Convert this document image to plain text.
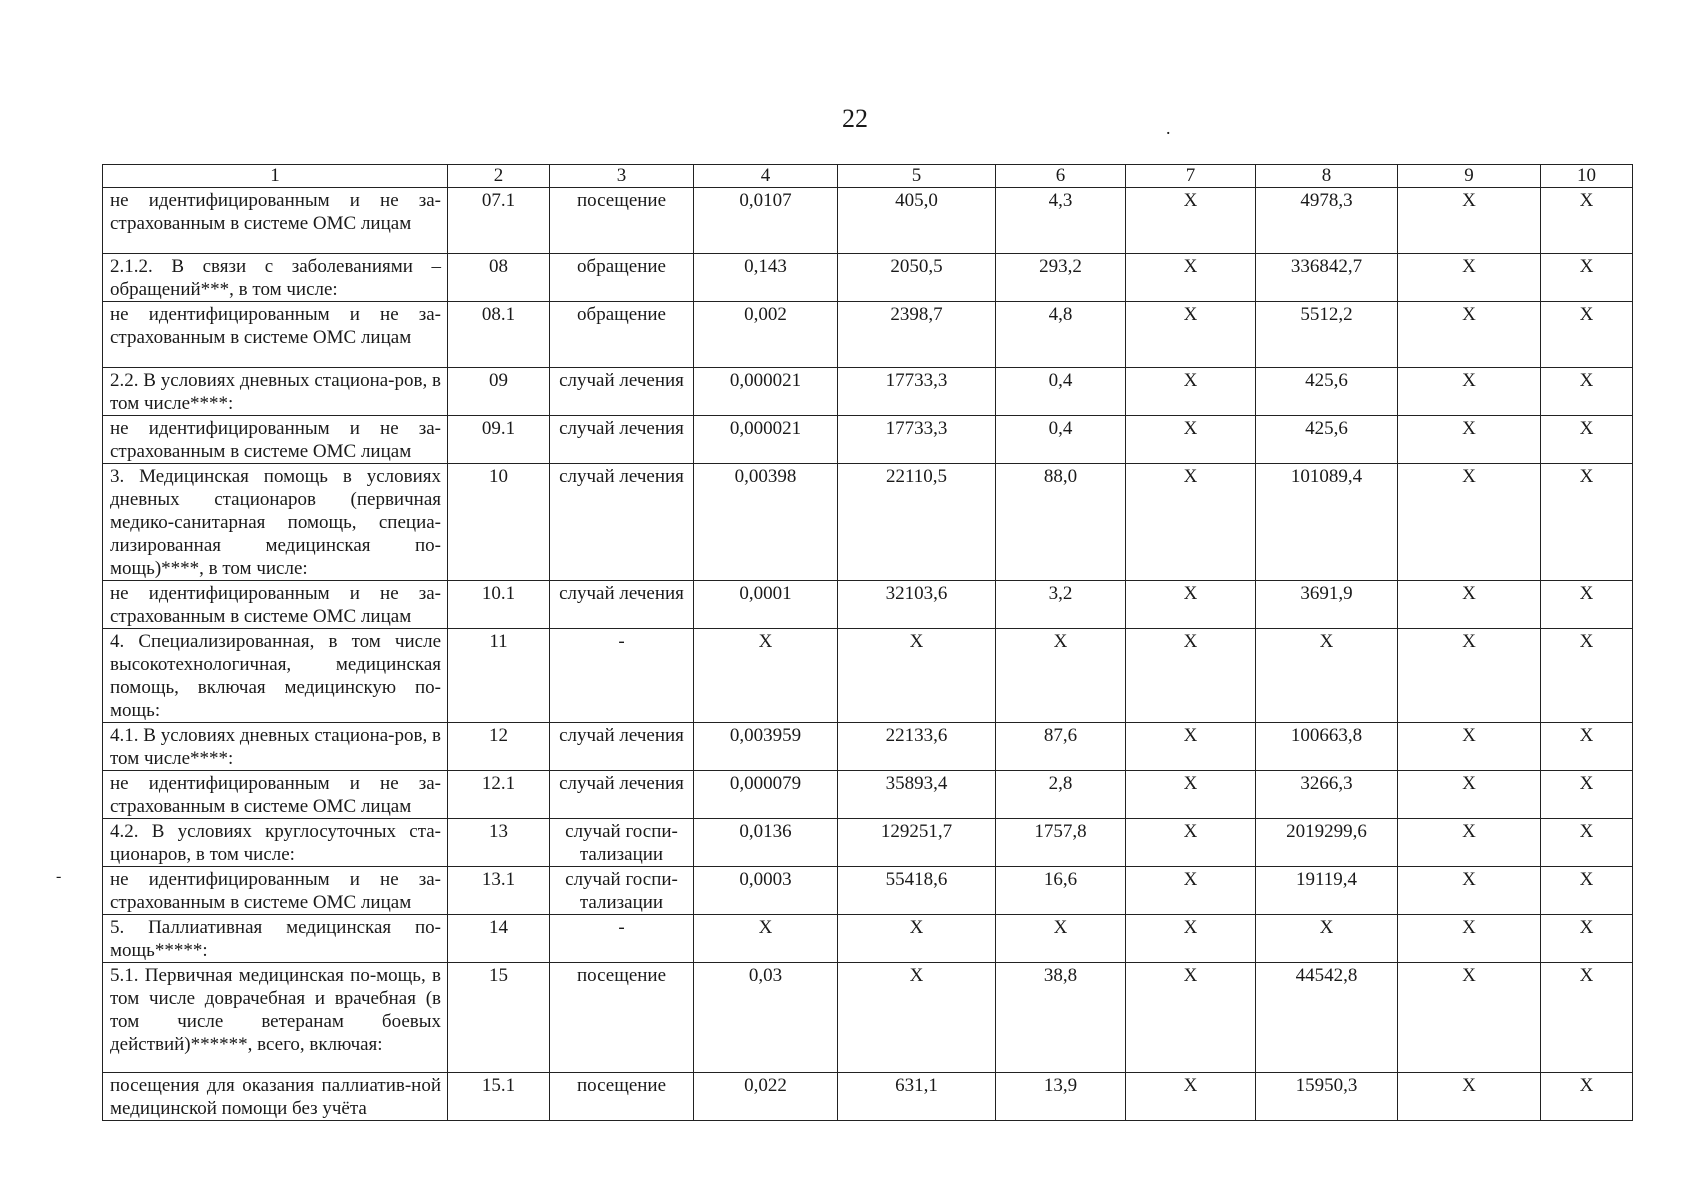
22	.
-
1	2	3	4	5	6	7	8	9	10
не идентифицированным и не за-страхованным в системе ОМС лицам	07.1	посещение	0,0107	405,0	4,3	X	4978,3	X	X
2.1.2. В связи с заболеваниями – обращений***, в том числе:	08	обращение	0,143	2050,5	293,2	X	336842,7	X	X
не идентифицированным и не за-страхованным в системе ОМС лицам	08.1	обращение	0,002	2398,7	4,8	X	5512,2	X	X
2.2. В условиях дневных стациона-ров, в том числе****:	09	случай лечения	0,000021	17733,3	0,4	X	425,6	X	X
не идентифицированным и не за-страхованным в системе ОМС лицам	09.1	случай лечения	0,000021	17733,3	0,4	X	425,6	X	X
3. Медицинская помощь в условиях дневных стационаров (первичная медико-санитарная помощь, специа-лизированная медицинская по-мощь)****, в том числе:	10	случай лечения	0,00398	22110,5	88,0	X	101089,4	X	X
не идентифицированным и не за-страхованным в системе ОМС лицам	10.1	случай лечения	0,0001	32103,6	3,2	X	3691,9	X	X
4. Специализированная, в том числе высокотехнологичная, медицинская помощь, включая медицинскую по-мощь:	11	-	X	X	X	X	X	X	X
4.1. В условиях дневных стациона-ров, в том числе****:	12	случай лечения	0,003959	22133,6	87,6	X	100663,8	X	X
не идентифицированным и не за-страхованным в системе ОМС лицам	12.1	случай лечения	0,000079	35893,4	2,8	X	3266,3	X	X
4.2. В условиях круглосуточных ста-ционаров, в том числе:	13	случай госпи-тализации	0,0136	129251,7	1757,8	X	2019299,6	X	X
не идентифицированным и не за-страхованным в системе ОМС лицам	13.1	случай госпи-тализации	0,0003	55418,6	16,6	X	19119,4	X	X
5. Паллиативная медицинская по-мощь*****:	14	-	X	X	X	X	X	X	X
5.1. Первичная медицинская по-мощь, в том числе доврачебная и врачебная (в том числе ветеранам боевых действий)******, всего, включая:	15	посещение	0,03	X	38,8	X	44542,8	X	X
посещения для оказания паллиатив-ной медицинской помощи без учёта	15.1	посещение	0,022	631,1	13,9	X	15950,3	X	X
